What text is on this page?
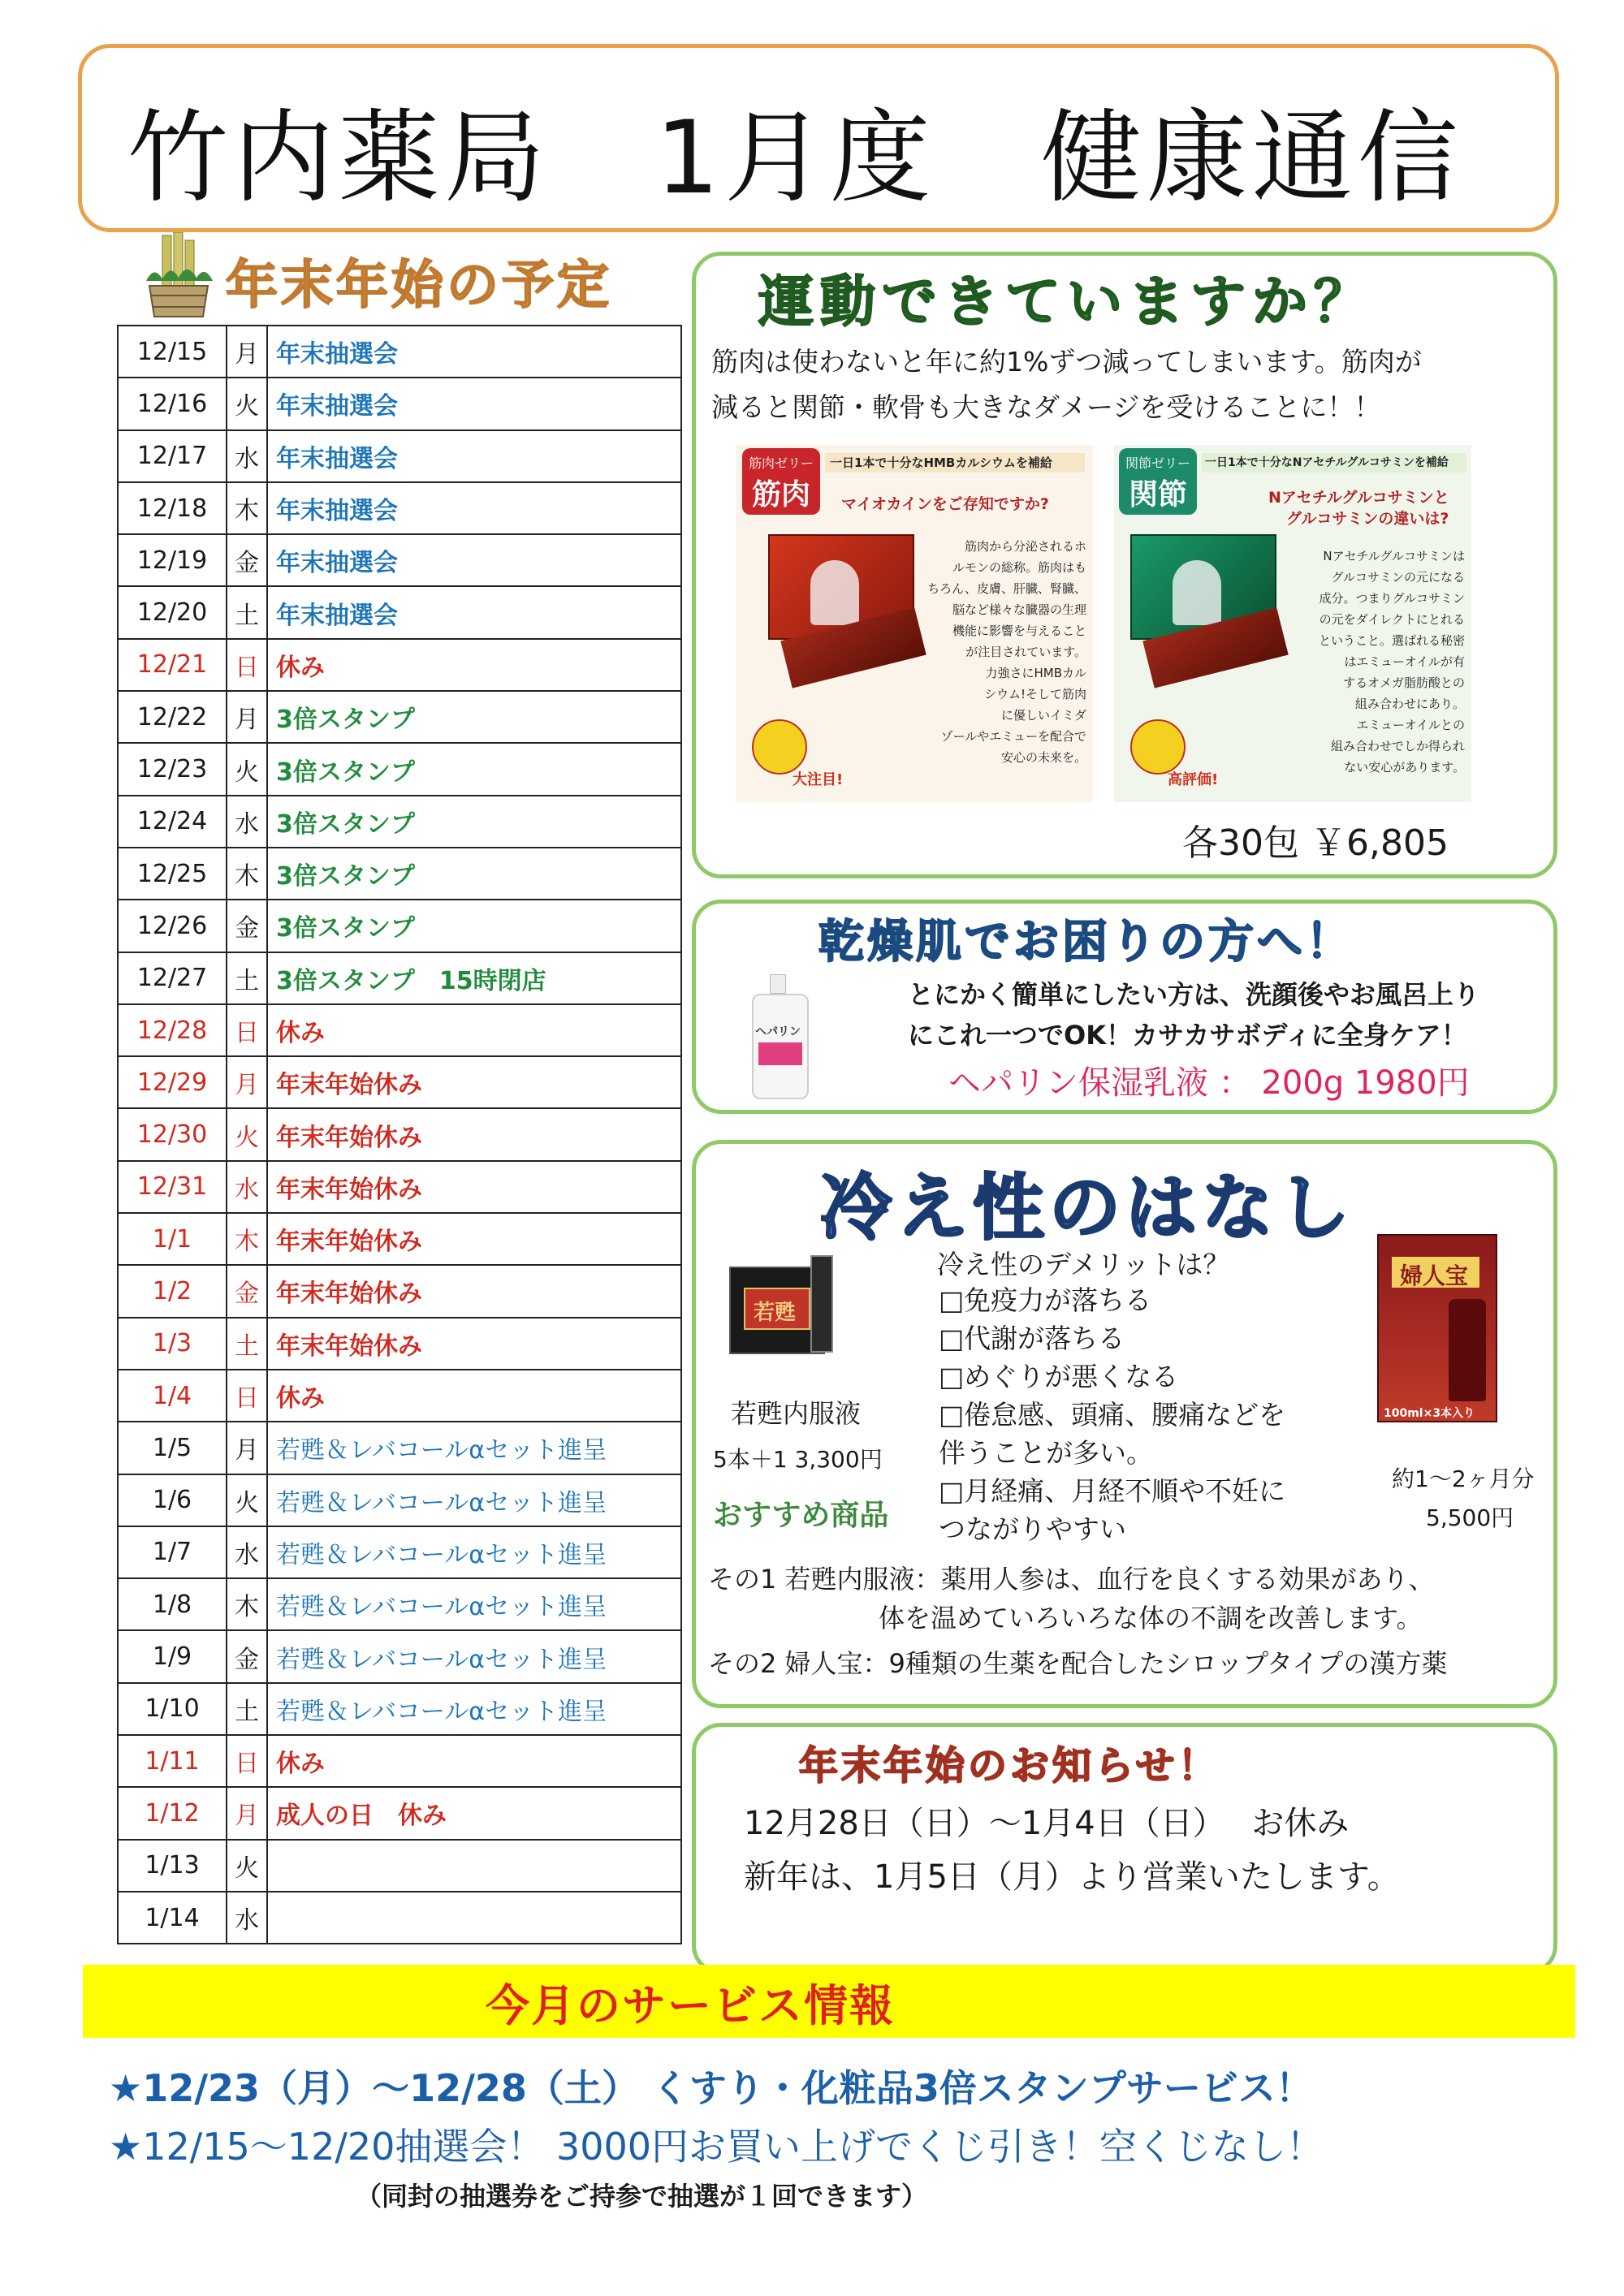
竹内薬局　1月度　健康通信
年末年始の予定
12/15	月	年末抽選会
12/16	火	年末抽選会
12/17	水	年末抽選会
12/18	木	年末抽選会
12/19	金	年末抽選会
12/20	土	年末抽選会
12/21	日	休み
12/22	月	3倍スタンプ
12/23	火	3倍スタンプ
12/24	水	3倍スタンプ
12/25	木	3倍スタンプ
12/26	金	3倍スタンプ
12/27	土	3倍スタンプ　15時閉店
12/28	日	休み
12/29	月	年末年始休み
12/30	火	年末年始休み
12/31	水	年末年始休み
1/1	木	年末年始休み
1/2	金	年末年始休み
1/3	土	年末年始休み
1/4	日	休み
1/5	月	若甦＆レバコールαセット進呈
1/6	火	若甦＆レバコールαセット進呈
1/7	水	若甦＆レバコールαセット進呈
1/8	木	若甦＆レバコールαセット進呈
1/9	金	若甦＆レバコールαセット進呈
1/10	土	若甦＆レバコールαセット進呈
1/11	日	休み
1/12	月	成人の日　休み
1/13	火	
1/14	水	
運動できていますか？
筋肉は使わないと年に約1%ずつ減ってしまいます。筋肉が
減ると関節・軟骨も大きなダメージを受けることに！！
筋肉ゼリー
筋肉
一日1本で十分なHMBカルシウムを補給
マイオカインをご存知ですか?
筋肉から分泌されるホ
ルモンの総称。筋肉はも
ちろん、皮膚、肝臓、腎臓、
脳など様々な臓器の生理
機能に影響を与えること
が注目されています。
力強さにHMBカル
シウム!そして筋肉
に優しいイミダ
ゾールやエミューを配合で
安心の未来を。
大注目!
関節ゼリー
関節
一日1本で十分なNアセチルグルコサミンを補給
Nアセチルグルコサミンと
グルコサミンの違いは?
Nアセチルグルコサミンは
グルコサミンの元になる
成分。つまりグルコサミン
の元をダイレクトにとれる
ということ。選ばれる秘密
はエミューオイルが有
するオメガ脂肪酸との
組み合わせにあり。
エミューオイルとの
組み合わせでしか得られ
ない安心があります。
高評価!
各30包 ￥6,805
乾燥肌でお困りの方へ！
ヘパリン
とにかく簡単にしたい方は、洗顔後やお風呂上り
にこれ一つでOK！カサカサボディに全身ケア！
ヘパリン保湿乳液 ： 200g 1980円
冷え性のはなし
若甦
若甦内服液
5本＋1 3,300円
冷え性のデメリットは？
□免疫力が落ちる
□代謝が落ちる
□めぐりが悪くなる
□倦怠感、頭痛、腰痛などを
伴うことが多い。
□月経痛、月経不順や不妊に
つながりやすい
婦人宝
100ml×3本入り
約1～2ヶ月分
5,500円
おすすめ商品
その1 若甦内服液：薬用人参は、血行を良くする効果があり、
体を温めていろいろな体の不調を改善します。
その2 婦人宝：9種類の生薬を配合したシロップタイプの漢方薬
年末年始のお知らせ！
12月28日（日）～1月4日（日）　 お休み
新年は、1月5日（月）より営業いたします。
今月のサービス情報
★12/23（月）～12/28（土） くすり・化粧品3倍スタンプサービス！
★12/15～12/20抽選会！ 3000円お買い上げでくじ引き！空くじなし！
（同封の抽選券をご持参で抽選が１回できます）
